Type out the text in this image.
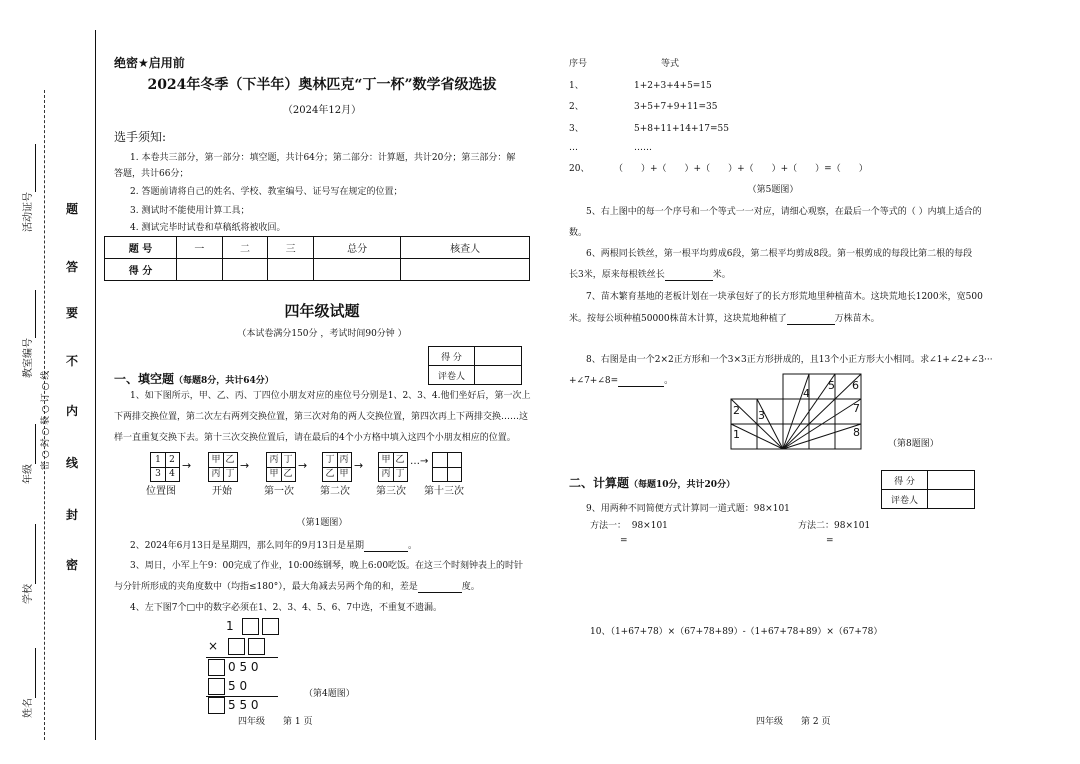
活动证号
教室编号
年级
学校
姓名
密 ○ 封 ○ 装 ○ 订 ○ 线
题
答
要
不
内
线
封
密
绝密★启用前
2024年冬季（下半年）奥林匹克“丁一杯”数学省级选拔
（2024年12月）
选手须知:
1. 本卷共三部分，第一部分：填空题，共计64分；第二部分：计算题，共计20分；第三部分：解
答题，共计66分；
2. 答题前请将自己的姓名、学校、教室编号、证号写在规定的位置；
3. 测试时不能使用计算工具；
4. 测试完毕时试卷和草稿纸将被收回。
题 号	一	二	三	总分	核查人
得 分					
四年级试题
（本试卷满分150分 ，考试时间90分钟 ）
得 分	
评卷人	
一、填空题（每题8分，共计64分）
1、如下图所示，甲、乙、丙、丁四位小朋友对应的座位号分别是1、2、3、4.他们坐好后，第一次上
下两排交换位置，第二次左右两列交换位置，第三次对角的两人交换位置，第四次再上下两排交换……这
样一直重复交换下去。第十三次交换位置后，请在最后的4个小方格中填入这四个小朋友相应的位置。
1 2
3 4
→ 甲 乙
丙 丁
→ 丙 丁
甲 乙
→ 丁 丙
乙 甲
→ 甲 乙
丙 丁
…→
位置图	开始	第一次	第二次	第三次 第十三次
（第1题图）
2、2024年6月13日是星期四，那么同年的9月13日是星期	。
3、周日，小军上午9：00完成了作业，10:00练钢琴，晚上6:00吃饭。在这三个时刻钟表上的时针
与分针所形成的夹角度数中（均指≤180°），最大角减去另两个角的和，差是	度。
4、左下图7个□中的数字必须在1、2、3、4、5、6、7中选，不重复不遗漏。
1
×
0 5 0
5 0
5 5 0
（第4题图）
四年级 第 1 页
序号	等式
1、	1+2+3+4+5=15
2、	3+5+7+9+11=35
3、	5+8+11+14+17=55
…	……
20、	（　　）+（　　）+（　　）+（　　）+（　　）=（　　）
（第5题图）
5、右上图中的每一个序号和一个等式一一对应，请细心观察，在最后一个等式的（ ）内填上适合的
数。
6、两根同长铁丝，第一根平均剪成6段，第二根平均剪成8段。第一根剪成的每段比第二根的每段
长3米，原来每根铁丝长	米。
7、苗木繁育基地的老板计划在一块承包好了的长方形荒地里种植苗木。这块荒地长1200米，宽500
米。按每公顷种植50000株苗木计算，这块荒地种植了	万株苗木。
8、右图是由一个2×2正方形和一个3×3正方形拼成的，且13个小正方形大小相同。求∠1+∠2+∠3···
+∠7+∠8=	。
1
2 3
4
5 6
7
8
（第8题图）
二、计算题（每题10分，共计20分）	得 分	
评卷人	
9、用两种不同简便方式计算同一道式题：98×101
方法一：  98×101
=
方法二：98×101
=
10、（1+67+78）×（67+78+89）-（1+67+78+89）×（67+78）
四年级 第 2 页
